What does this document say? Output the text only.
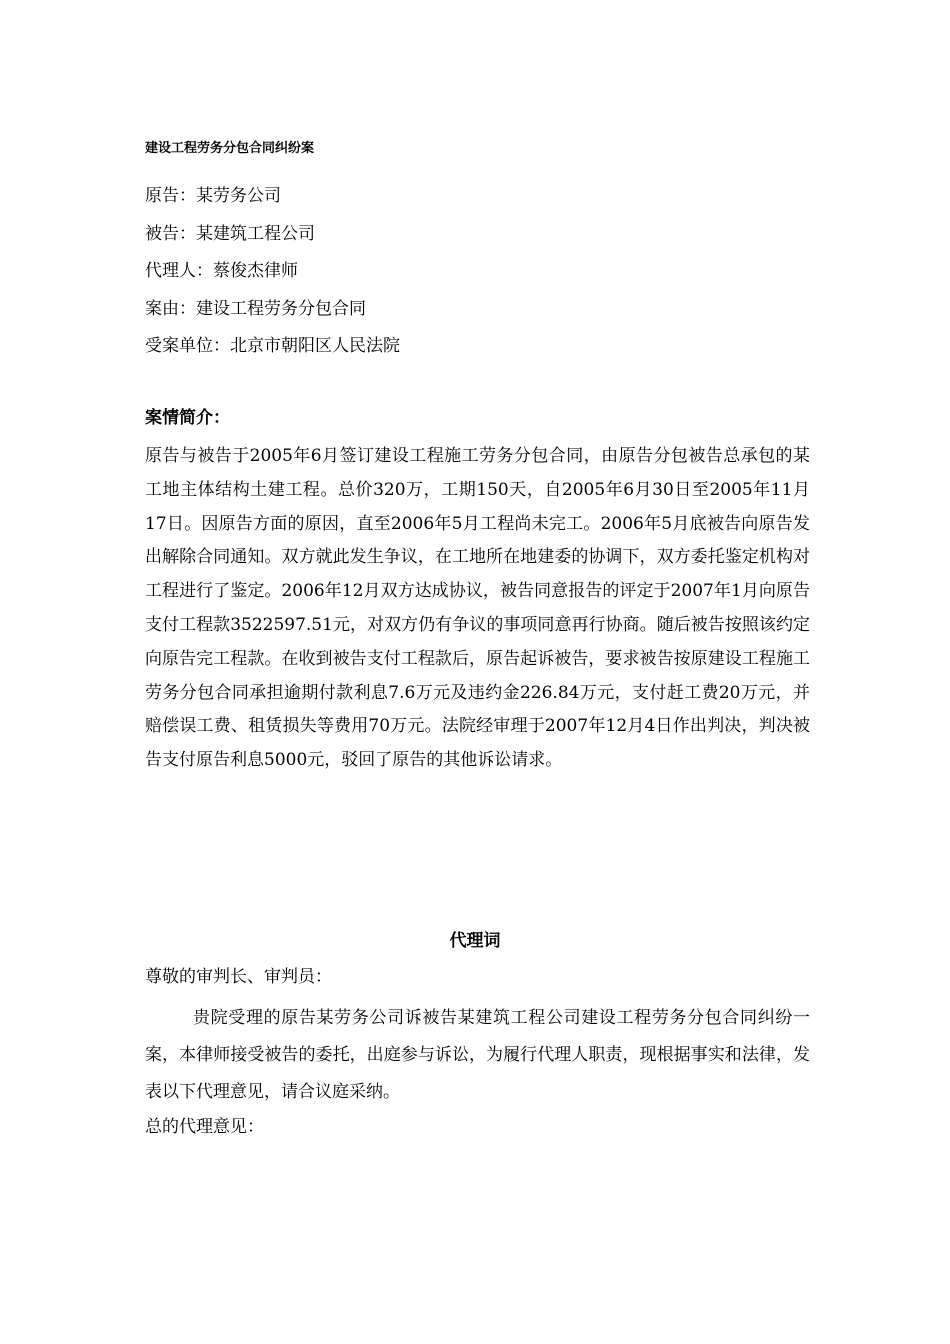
建设工程劳务分包合同纠纷案
原告：某劳务公司
被告：某建筑工程公司
代理人：蔡俊杰律师
案由：建设工程劳务分包合同
受案单位：北京市朝阳区人民法院
案情简介：

原告与被告于2005年6月签订建设工程施工劳务分包合同，由原告分包被告总承包的某工地主体结构土建工程。总价320万，工期150天，自2005年6月30日至2005年11月17日。因原告方面的原因，直至2006年5月工程尚未完工。2006年5月底被告向原告发出解除合同通知。双方就此发生争议，在工地所在地建委的协调下，双方委托鉴定机构对工程进行了鉴定。2006年12月双方达成协议，被告同意报告的评定于2007年1月向原告支付工程款3522597.51元，对双方仍有争议的事项同意再行协商。随后被告按照该约定向原告完工程款。在收到被告支付工程款后，原告起诉被告，要求被告按原建设工程施工劳务分包合同承担逾期付款利息7.6万元及违约金226.84万元，支付赶工费20万元，并赔偿误工费、租赁损失等费用70万元。法院经审理于2007年12月4日作出判决，判决被告支付原告利息5000元，驳回了原告的其他诉讼请求。

代理词
尊敬的审判长、审判员：

贵院受理的原告某劳务公司诉被告某建筑工程公司建设工程劳务分包合同纠纷一案，本律师接受被告的委托，出庭参与诉讼，为履行代理人职责，现根据事实和法律，发表以下代理意见，请合议庭采纳。

总的代理意见：
